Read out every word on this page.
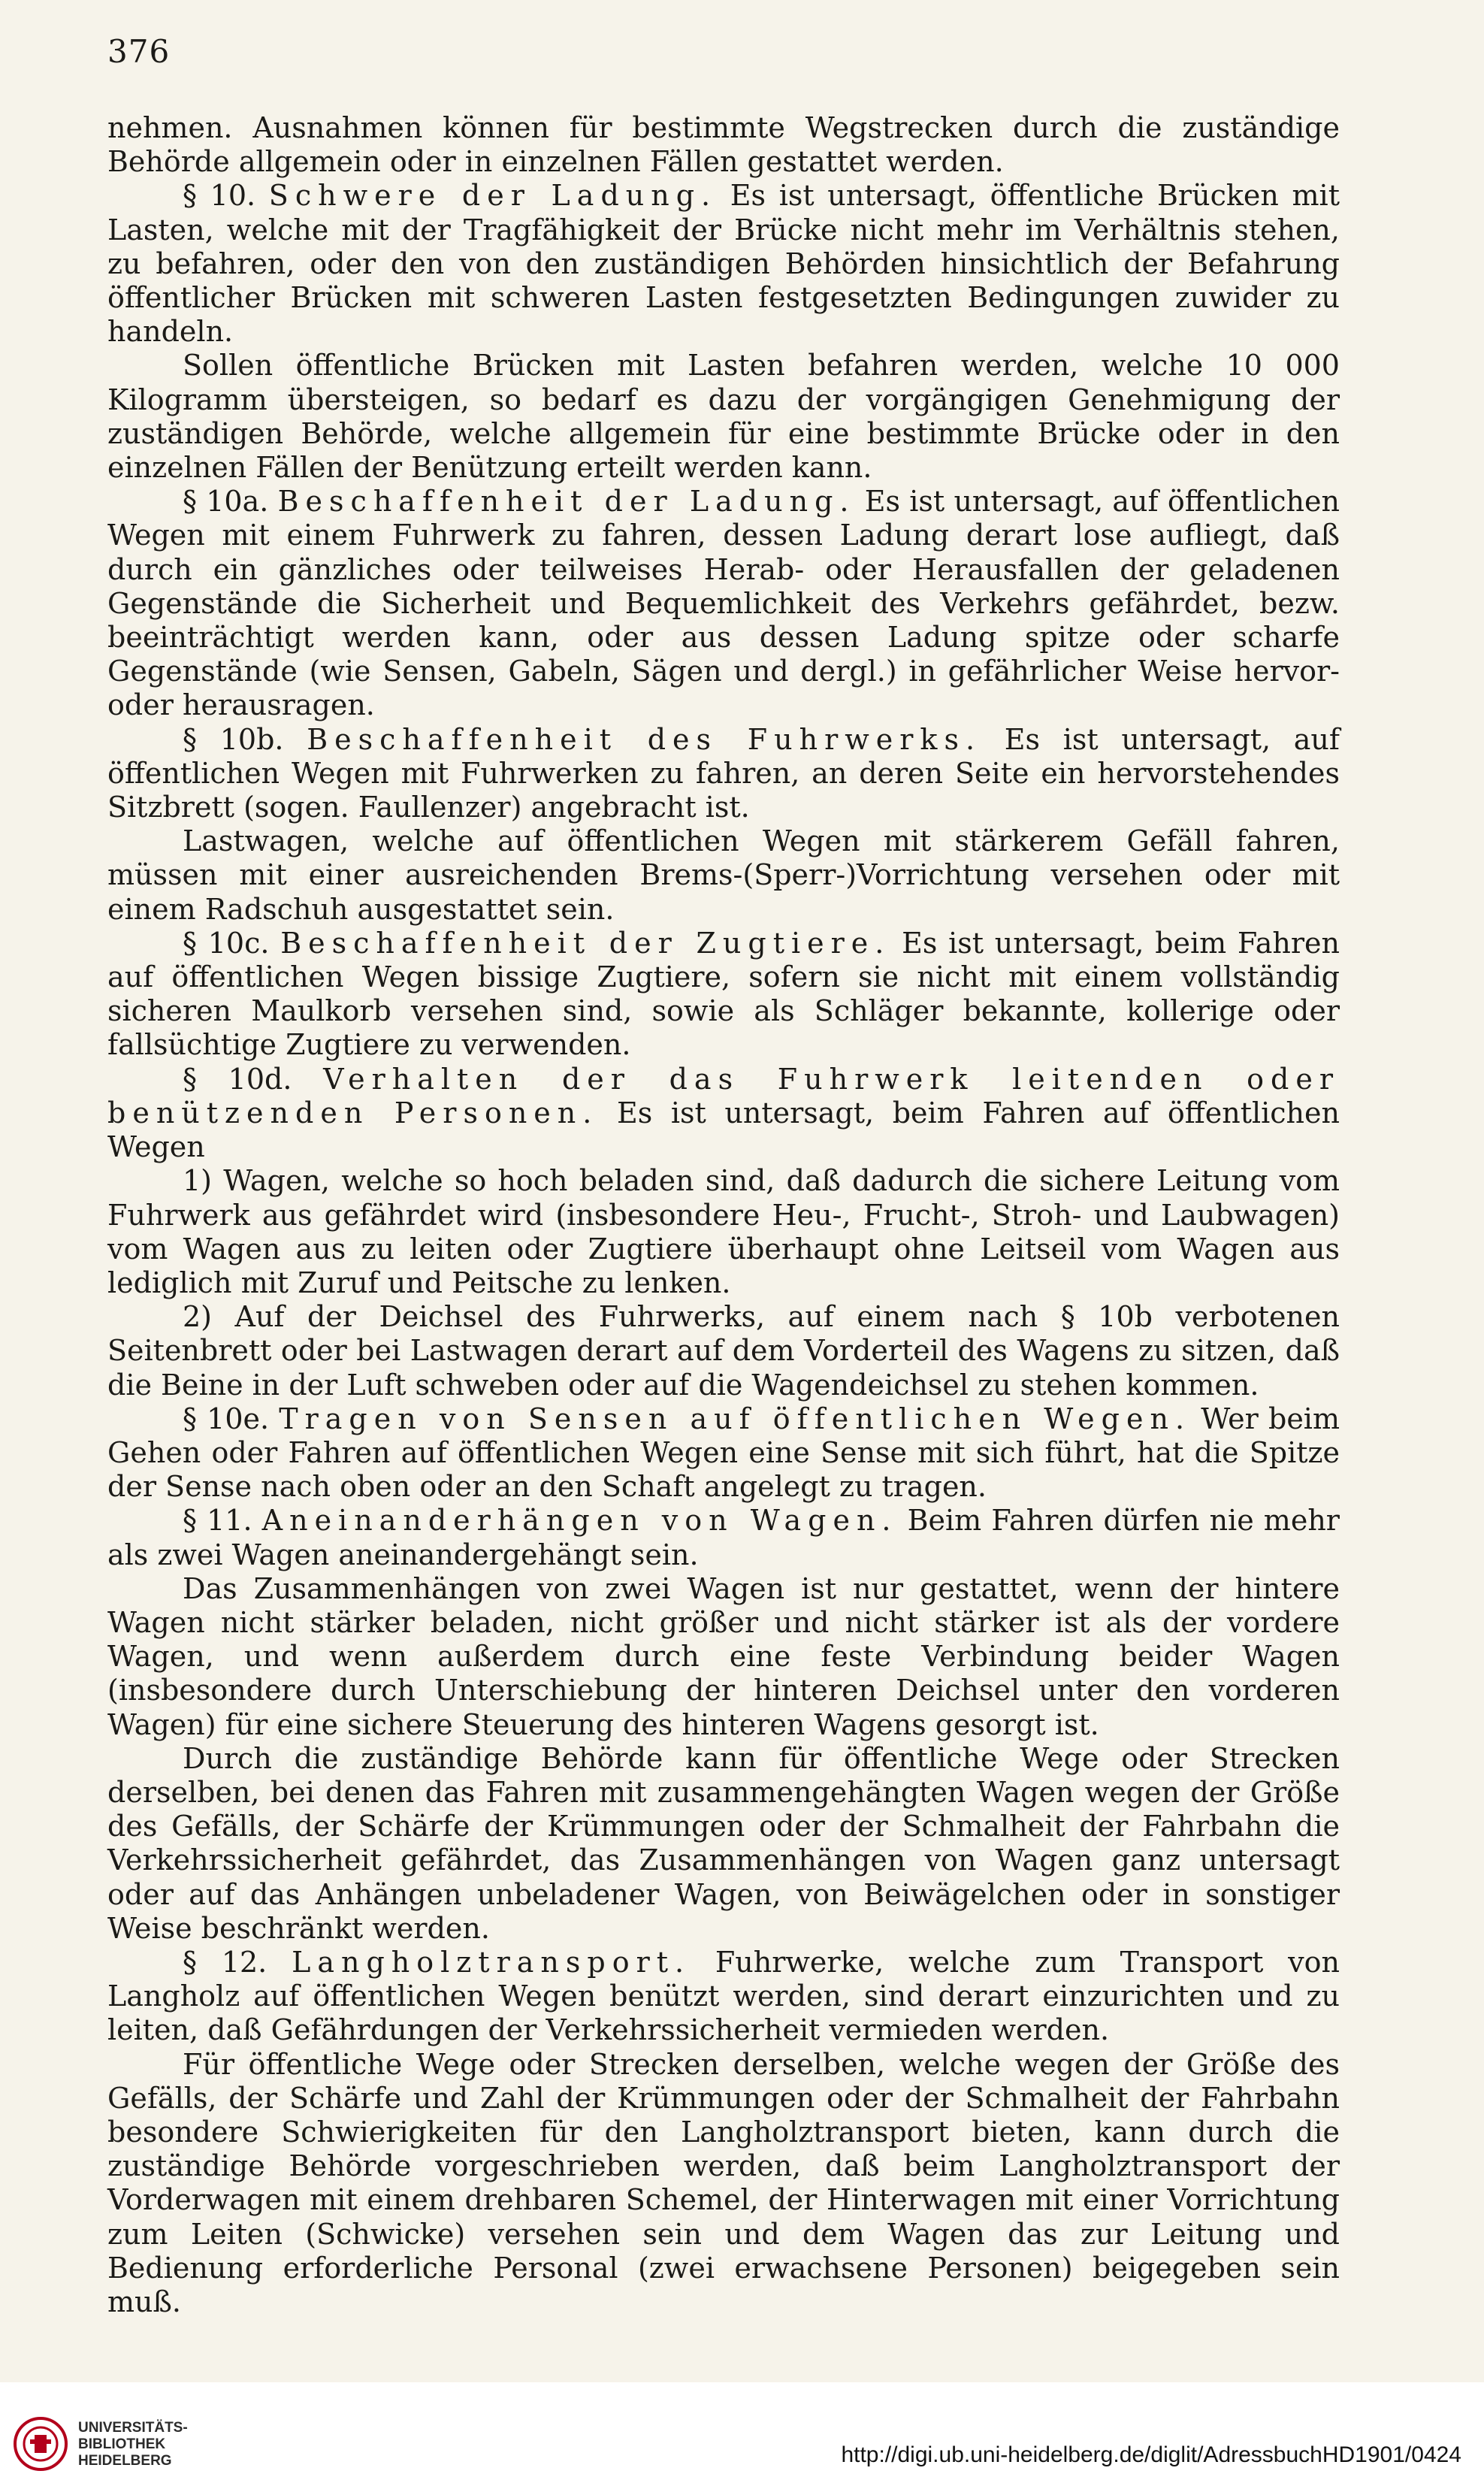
376

nehmen. Ausnahmen können für bestimmte Wegstrecken durch die zuständige Behörde allgemein oder in einzelnen Fällen gestattet werden.

§ 10. Schwere der Ladung. Es ist untersagt, öffentliche Brücken mit Lasten, welche mit der Tragfähigkeit der Brücke nicht mehr im Verhältnis stehen, zu befahren, oder den von den zuständigen Behörden hinsichtlich der Befahrung öffentlicher Brücken mit schweren Lasten festgesetzten Bedingungen zuwider zu handeln.

Sollen öffentliche Brücken mit Lasten befahren werden, welche 10 000 Kilogramm übersteigen, so bedarf es dazu der vorgängigen Genehmigung der zuständigen Behörde, welche allgemein für eine bestimmte Brücke oder in den einzelnen Fällen der Benützung erteilt werden kann.

§ 10a. Beschaffenheit der Ladung. Es ist untersagt, auf öffentlichen Wegen mit einem Fuhrwerk zu fahren, dessen Ladung derart lose aufliegt, daß durch ein gänzliches oder teilweises Herab- oder Herausfallen der geladenen Gegenstände die Sicherheit und Bequemlichkeit des Verkehrs gefährdet, bezw. beeinträchtigt werden kann, oder aus dessen Ladung spitze oder scharfe Gegenstände (wie Sensen, Gabeln, Sägen und dergl.) in gefährlicher Weise hervor- oder herausragen.

§ 10b. Beschaffenheit des Fuhrwerks. Es ist untersagt, auf öffentlichen Wegen mit Fuhrwerken zu fahren, an deren Seite ein hervorstehendes Sitzbrett (sogen. Faullenzer) angebracht ist.

Lastwagen, welche auf öffentlichen Wegen mit stärkerem Gefäll fahren, müssen mit einer ausreichenden Brems-(Sperr-)Vorrichtung versehen oder mit einem Radschuh ausgestattet sein.

§ 10c. Beschaffenheit der Zugtiere. Es ist untersagt, beim Fahren auf öffentlichen Wegen bissige Zugtiere, sofern sie nicht mit einem vollständig sicheren Maulkorb versehen sind, sowie als Schläger bekannte, kollerige oder fallsüchtige Zugtiere zu verwenden.

§ 10d. Verhalten der das Fuhrwerk leitenden oder benützenden Personen. Es ist untersagt, beim Fahren auf öffentlichen Wegen

1) Wagen, welche so hoch beladen sind, daß dadurch die sichere Leitung vom Fuhrwerk aus gefährdet wird (insbesondere Heu-, Frucht-, Stroh- und Laubwagen) vom Wagen aus zu leiten oder Zugtiere überhaupt ohne Leitseil vom Wagen aus lediglich mit Zuruf und Peitsche zu lenken.

2) Auf der Deichsel des Fuhrwerks, auf einem nach § 10b verbotenen Seitenbrett oder bei Lastwagen derart auf dem Vorderteil des Wagens zu sitzen, daß die Beine in der Luft schweben oder auf die Wagendeichsel zu stehen kommen.

§ 10e. Tragen von Sensen auf öffentlichen Wegen. Wer beim Gehen oder Fahren auf öffentlichen Wegen eine Sense mit sich führt, hat die Spitze der Sense nach oben oder an den Schaft angelegt zu tragen.

§ 11. Aneinanderhängen von Wagen. Beim Fahren dürfen nie mehr als zwei Wagen aneinandergehängt sein.

Das Zusammenhängen von zwei Wagen ist nur gestattet, wenn der hintere Wagen nicht stärker beladen, nicht größer und nicht stärker ist als der vordere Wagen, und wenn außerdem durch eine feste Verbindung beider Wagen (insbesondere durch Unterschiebung der hinteren Deichsel unter den vorderen Wagen) für eine sichere Steuerung des hinteren Wagens gesorgt ist.

Durch die zuständige Behörde kann für öffentliche Wege oder Strecken derselben, bei denen das Fahren mit zusammengehängten Wagen wegen der Größe des Gefälls, der Schärfe der Krümmungen oder der Schmalheit der Fahrbahn die Verkehrssicherheit gefährdet, das Zusammenhängen von Wagen ganz untersagt oder auf das Anhängen unbeladener Wagen, von Beiwägelchen oder in sonstiger Weise beschränkt werden.

§ 12. Langholztransport. Fuhrwerke, welche zum Transport von Langholz auf öffentlichen Wegen benützt werden, sind derart einzurichten und zu leiten, daß Gefährdungen der Verkehrssicherheit vermieden werden.

Für öffentliche Wege oder Strecken derselben, welche wegen der Größe des Gefälls, der Schärfe und Zahl der Krümmungen oder der Schmalheit der Fahrbahn besondere Schwierigkeiten für den Langholztransport bieten, kann durch die zuständige Behörde vorgeschrieben werden, daß beim Langholztransport der Vorderwagen mit einem drehbaren Schemel, der Hinterwagen mit einer Vorrichtung zum Leiten (Schwicke) versehen sein und dem Wagen das zur Leitung und Bedienung erforderliche Personal (zwei erwachsene Personen) beigegeben sein muß.

UNIVERSITÄTS-
BIBLIOTHEK
HEIDELBERG	http://digi.ub.uni-heidelberg.de/diglit/AdressbuchHD1901/0424
